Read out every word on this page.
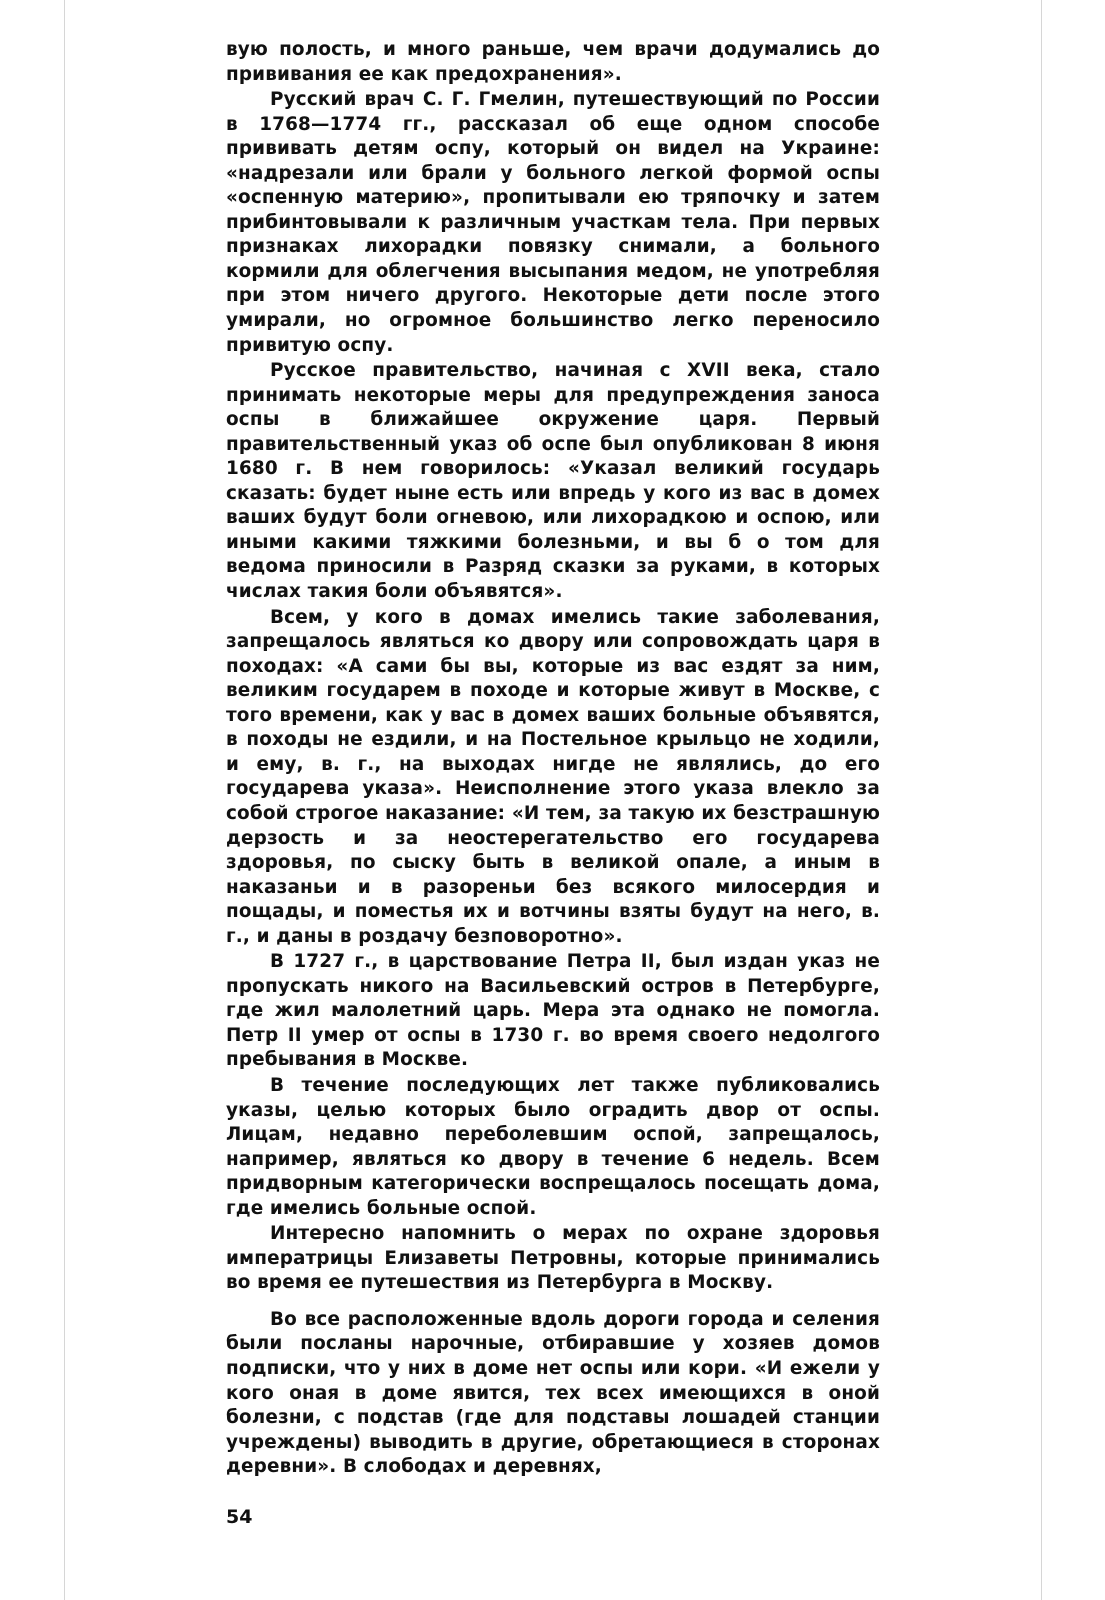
вую полость, и много раньше, чем врачи додумались до прививания ее как предохранения».

Русский врач С. Г. Гмелин, путешествующий по России в 1768—1774 гг., рассказал об еще одном способе прививать детям оспу, который он видел на Украине: «надрезали или брали у больного легкой формой оспы «оспенную материю», пропитывали ею тряпочку и затем прибинтовывали к различным участкам тела. При первых признаках лихорадки повязку снимали, а больного кормили для облегчения высыпания медом, не употребляя при этом ничего другого. Некоторые дети после этого умирали, но огромное большинство легко переносило привитую оспу.

Русское правительство, начиная с XVII века, стало принимать некоторые меры для предупреждения заноса оспы в ближайшее окружение царя. Первый правительственный указ об оспе был опубликован 8 июня 1680 г. В нем говорилось: «Указал великий государь сказать: будет ныне есть или впредь у кого из вас в домех ваших будут боли огневою, или лихорадкою и оспою, или иными какими тяжкими болезньми, и вы б о том для ведома приносили в Разряд сказки за руками, в которых числах такия боли объявятся».

Всем, у кого в домах имелись такие заболевания, запрещалось являться ко двору или сопровождать царя в походах: «А сами бы вы, которые из вас ездят за ним, великим государем в походе и которые живут в Москве, с того времени, как у вас в домех ваших больные объявятся, в походы не ездили, и на Постельное крыльцо не ходили, и ему, в. г., на выходах нигде не являлись, до его государева указа». Неисполнение этого указа влекло за собой строгое наказание: «И тем, за такую их безстрашную дерзость и за неостерегательство его государева здоровья, по сыску быть в великой опале, а иным в наказаньи и в разореньи без всякого милосердия и пощады, и поместья их и вотчины взяты будут на него, в. г., и даны в роздачу безповоротно».

В 1727 г., в царствование Петра II, был издан указ не пропускать никого на Васильевский остров в Петербурге, где жил малолетний царь. Мера эта однако не помогла. Петр II умер от оспы в 1730 г. во время своего недолгого пребывания в Москве.

В течение последующих лет также публиковались указы, целью которых было оградить двор от оспы. Лицам, недавно переболевшим оспой, запрещалось, например, являться ко двору в течение 6 недель. Всем придворным категорически воспрещалось посещать дома, где имелись больные оспой.

Интересно напомнить о мерах по охране здоровья императрицы Елизаветы Петровны, которые принимались во время ее путешествия из Петербурга в Москву.

Во все расположенные вдоль дороги города и селения были посланы нарочные, отбиравшие у хозяев домов подписки, что у них в доме нет оспы или кори. «И ежели у кого оная в доме явится, тех всех имеющихся в оной болезни, с подстав (где для подставы лошадей станции учреждены) выводить в другие, обретающиеся в сторонах деревни». В слободах и деревнях,

54
